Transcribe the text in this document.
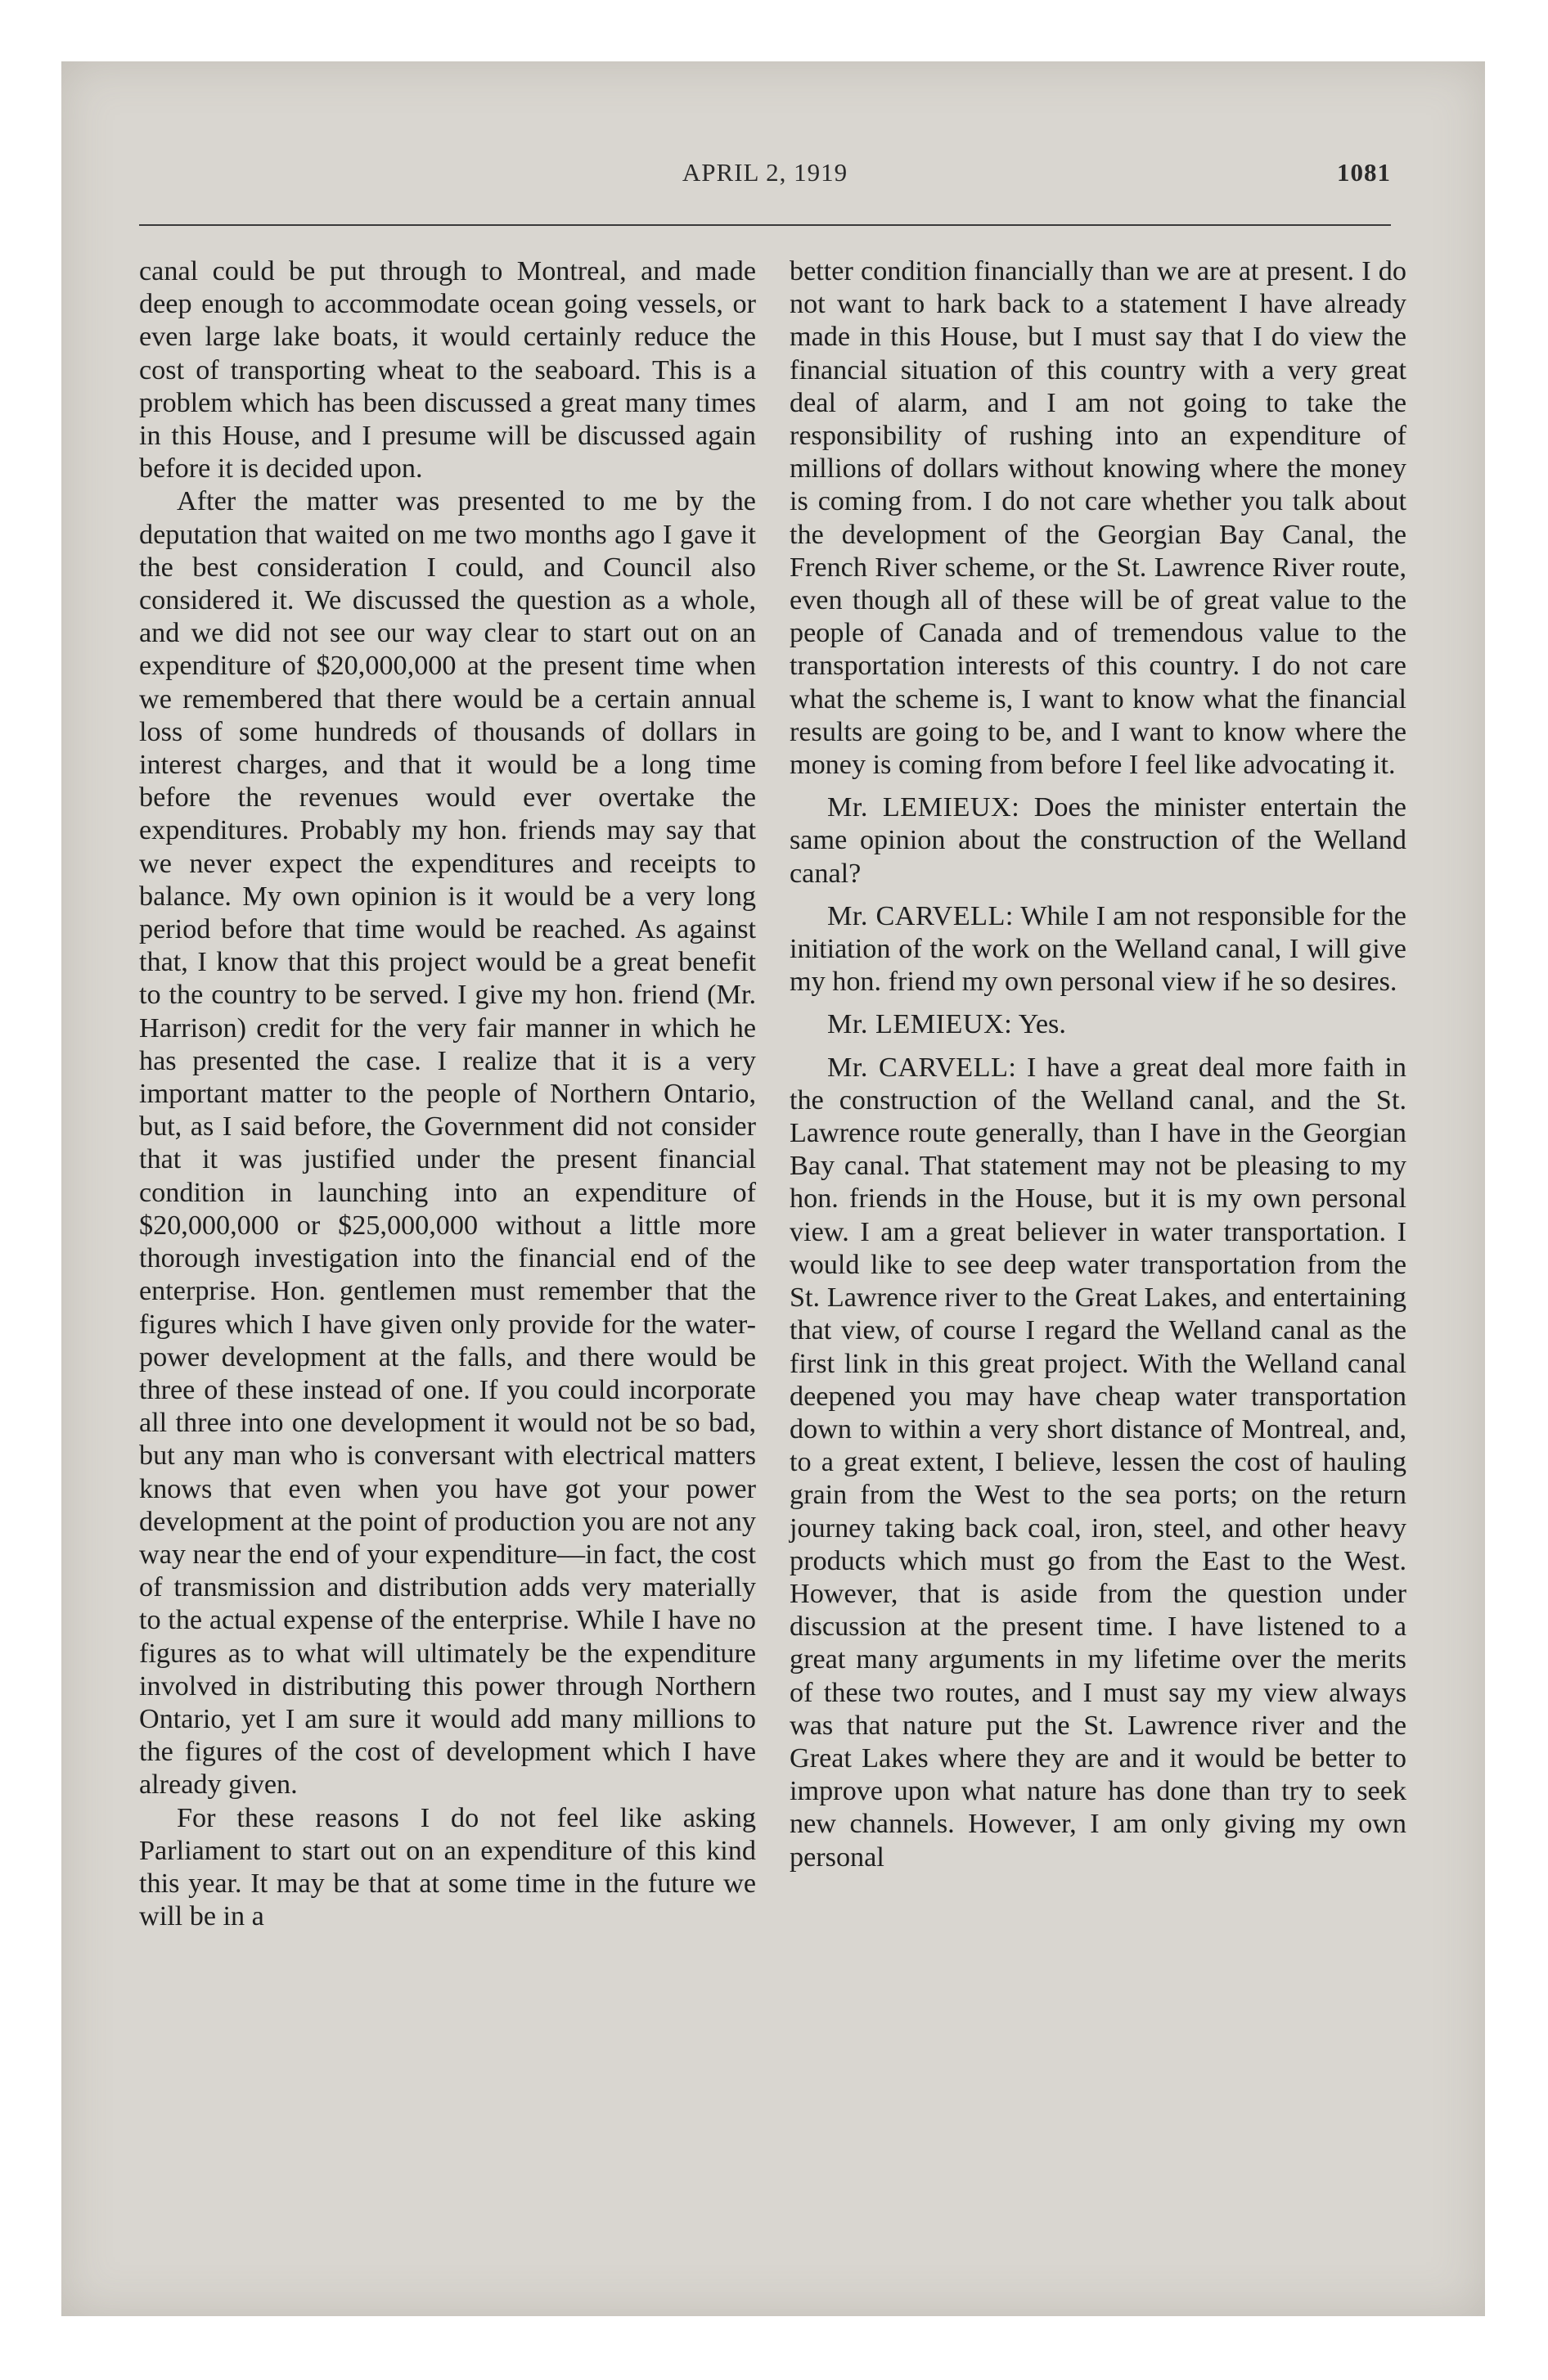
APRIL 2, 1919	1081

canal could be put through to Montreal, and made deep enough to accommodate ocean going vessels, or even large lake boats, it would certainly reduce the cost of transporting wheat to the seaboard. This is a problem which has been discussed a great many times in this House, and I presume will be discussed again before it is decided upon.

After the matter was presented to me by the deputation that waited on me two months ago I gave it the best consideration I could, and Council also considered it. We discussed the question as a whole, and we did not see our way clear to start out on an expenditure of $20,000,000 at the present time when we remembered that there would be a certain annual loss of some hundreds of thousands of dollars in interest charges, and that it would be a long time before the revenues would ever overtake the expenditures. Probably my hon. friends may say that we never expect the expenditures and receipts to balance. My own opinion is it would be a very long period before that time would be reached. As against that, I know that this project would be a great benefit to the country to be served. I give my hon. friend (Mr. Harrison) credit for the very fair manner in which he has presented the case. I realize that it is a very important matter to the people of Northern Ontario, but, as I said before, the Government did not consider that it was justified under the present financial condition in launching into an expenditure of $20,000,000 or $25,000,000 without a little more thorough investigation into the financial end of the enterprise. Hon. gentlemen must remember that the figures which I have given only provide for the water-power development at the falls, and there would be three of these instead of one. If you could incorporate all three into one development it would not be so bad, but any man who is conversant with electrical matters knows that even when you have got your power development at the point of production you are not any way near the end of your expenditure—in fact, the cost of transmission and distribution adds very materially to the actual expense of the enterprise. While I have no figures as to what will ultimately be the expenditure involved in distributing this power through Northern Ontario, yet I am sure it would add many millions to the figures of the cost of development which I have already given.

For these reasons I do not feel like asking Parliament to start out on an expenditure of this kind this year. It may be that at some time in the future we will be in a

better condition financially than we are at present. I do not want to hark back to a statement I have already made in this House, but I must say that I do view the financial situation of this country with a very great deal of alarm, and I am not going to take the responsibility of rushing into an expenditure of millions of dollars without knowing where the money is coming from. I do not care whether you talk about the development of the Georgian Bay Canal, the French River scheme, or the St. Lawrence River route, even though all of these will be of great value to the people of Canada and of tremendous value to the transportation interests of this country. I do not care what the scheme is, I want to know what the financial results are going to be, and I want to know where the money is coming from before I feel like advocating it.

Mr. LEMIEUX: Does the minister entertain the same opinion about the construction of the Welland canal?

Mr. CARVELL: While I am not responsible for the initiation of the work on the Welland canal, I will give my hon. friend my own personal view if he so desires.

Mr. LEMIEUX: Yes.

Mr. CARVELL: I have a great deal more faith in the construction of the Welland canal, and the St. Lawrence route generally, than I have in the Georgian Bay canal. That statement may not be pleasing to my hon. friends in the House, but it is my own personal view. I am a great believer in water transportation. I would like to see deep water transportation from the St. Lawrence river to the Great Lakes, and entertaining that view, of course I regard the Welland canal as the first link in this great project. With the Welland canal deepened you may have cheap water transportation down to within a very short distance of Montreal, and, to a great extent, I believe, lessen the cost of hauling grain from the West to the sea ports; on the return journey taking back coal, iron, steel, and other heavy products which must go from the East to the West. However, that is aside from the question under discussion at the present time. I have listened to a great many arguments in my lifetime over the merits of these two routes, and I must say my view always was that nature put the St. Lawrence river and the Great Lakes where they are and it would be better to improve upon what nature has done than try to seek new channels. However, I am only giving my own personal
